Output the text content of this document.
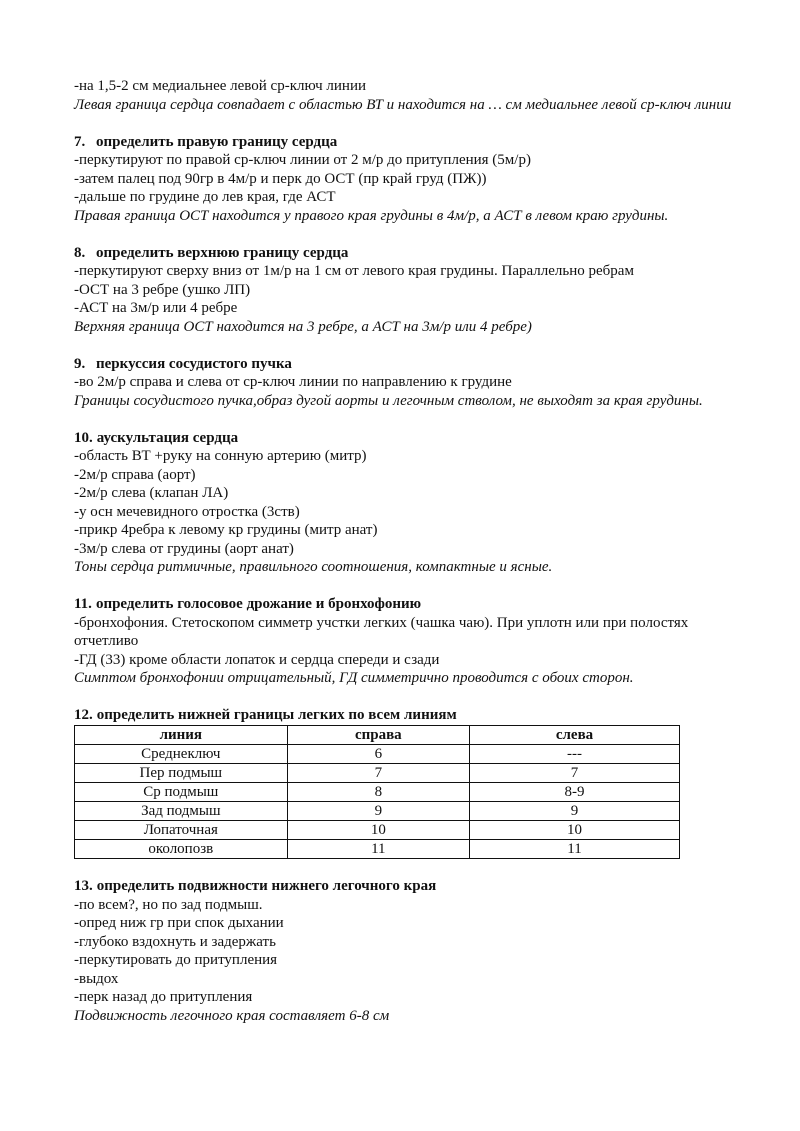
-на 1,5-2 см медиальнее левой ср-ключ линии

Левая граница сердца совпадает с областью ВТ и находится на … см медиальнее левой ср-ключ линии

7. определить правую границу сердца

-перкутируют по правой ср-ключ линии от 2 м/р до притупления (5м/р)

-затем палец под 90гр в 4м/р и перк до ОСТ (пр край груд (ПЖ))

-дальше по грудине до лев края, где АСТ

Правая граница ОСТ находится у правого края грудины в 4м/р, а АСТ в левом краю грудины.

8. определить верхнюю границу сердца

-перкутируют сверху вниз от 1м/р на 1 см от левого края грудины. Параллельно ребрам

-ОСТ на 3 ребре (ушко ЛП)

-АСТ на 3м/р или 4 ребре

Верхняя граница ОСТ находится на 3 ребре, а АСТ на 3м/р или 4 ребре)

9. перкуссия сосудистого пучка

-во 2м/р справа и слева от ср-ключ линии по направлению к грудине

Границы сосудистого пучка,образ дугой аорты и легочным стволом, не выходят за края грудины.

10. аускультация сердца

-область ВТ +руку на сонную артерию (митр)

-2м/р справа (аорт)

-2м/р слева (клапан ЛА)

-у осн мечевидного отростка (3ств)

-прикр 4ребра к левому кр грудины (митр анат)

-3м/р слева от грудины (аорт анат)

Тоны сердца ритмичные, правильного соотношения, компактные и ясные.

11. определить голосовое дрожание и бронхофонию

-бронхофония. Стетоскопом симметр учстки легких (чашка чаю). При уплотн или при полостях отчетливо

-ГД (33) кроме области лопаток и сердца спереди и сзади

Симптом бронхофонии отрицательный, ГД симметрично проводится с обоих сторон.

12. определить нижней границы легких по всем линиям

линия	справа	слева
Среднеключ	6	---
Пер подмыш	7	7
Ср подмыш	8	8-9
Зад подмыш	9	9
Лопаточная	10	10
околопозв	11	11

13. определить подвижности нижнего легочного края

-по всем?, но по зад подмыш.

-опред ниж гр при спок дыхании

-глубоко вздохнуть и задержать

-перкутировать до притупления

-выдох

-перк назад до притупления

Подвижность легочного края составляет 6-8 см
